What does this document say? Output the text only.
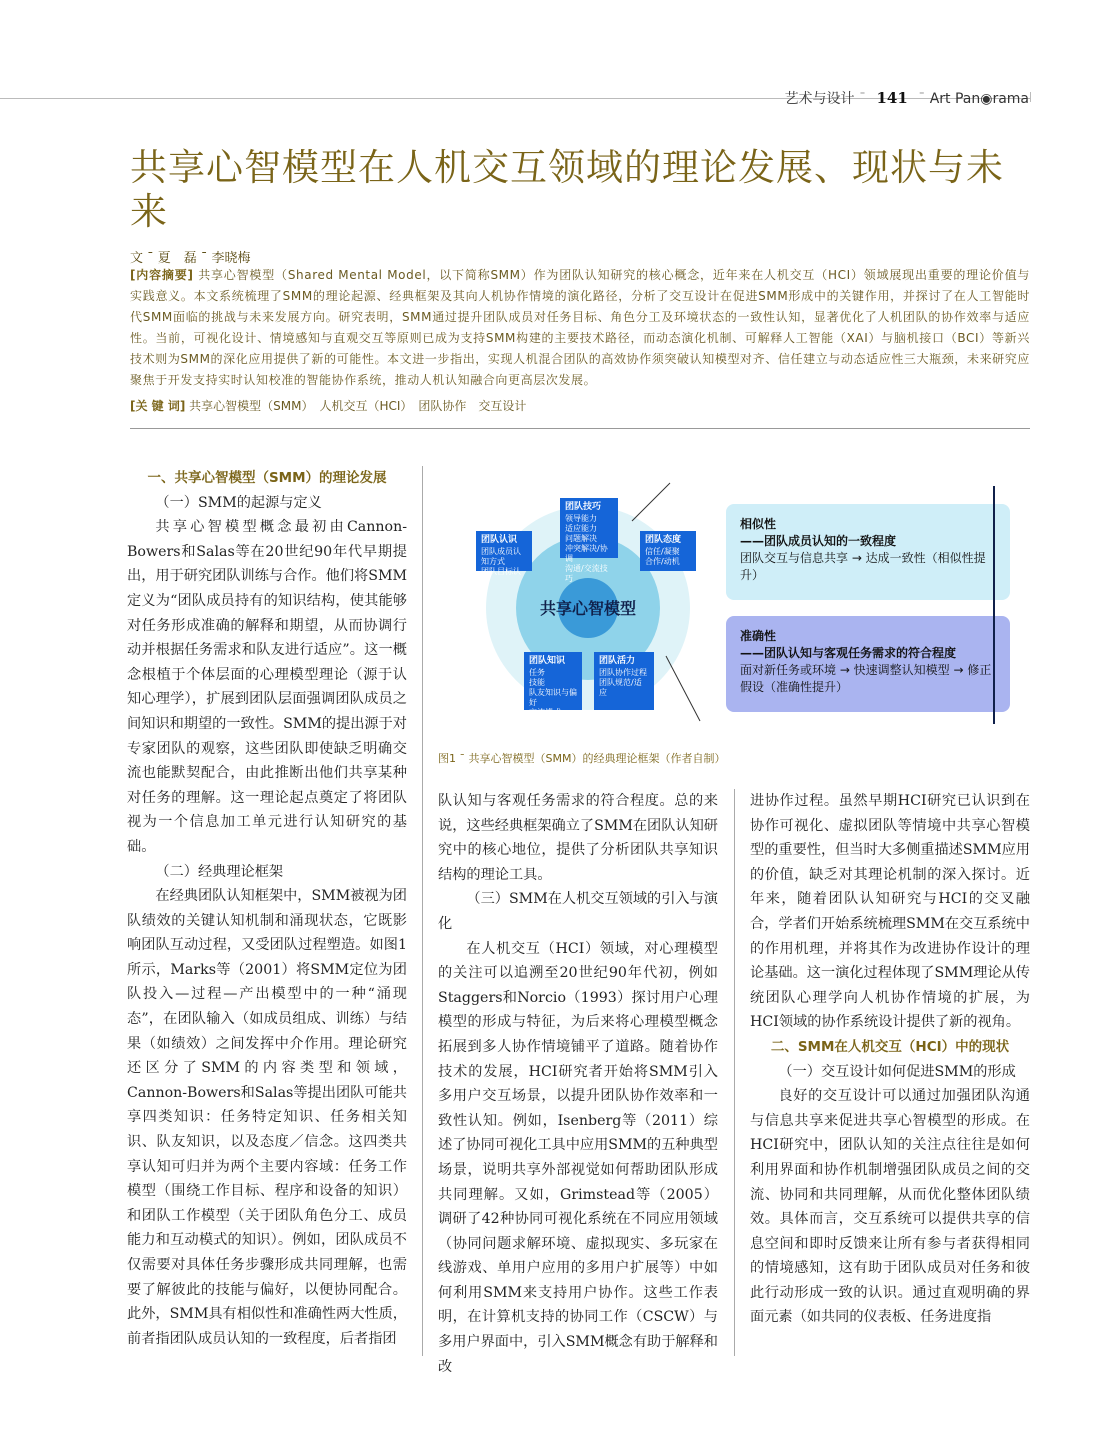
艺术与设计 ¯ 141 ¯ Art Pan◉rama
共享心智模型在人机交互领域的理论发展、现状与未来
文 ¯ 夏　磊 ¯ 李晓梅
[内容摘要] 共享心智模型（Shared Mental Model，以下简称SMM）作为团队认知研究的核心概念，近年来在人机交互（HCI）领域展现出重要的理论价值与实践意义。本文系统梳理了SMM的理论起源、经典框架及其向人机协作情境的演化路径，分析了交互设计在促进SMM形成中的关键作用，并探讨了在人工智能时代SMM面临的挑战与未来发展方向。研究表明，SMM通过提升团队成员对任务目标、角色分工及环境状态的一致性认知，显著优化了人机团队的协作效率与适应性。当前，可视化设计、情境感知与直观交互等原则已成为支持SMM构建的主要技术路径，而动态演化机制、可解释人工智能（XAI）与脑机接口（BCI）等新兴技术则为SMM的深化应用提供了新的可能性。本文进一步指出，实现人机混合团队的高效协作须突破认知模型对齐、信任建立与动态适应性三大瓶颈，未来研究应聚焦于开发支持实时认知校准的智能协作系统，推动人机认知融合向更高层次发展。
[关 键 词] 共享心智模型（SMM）　人机交互（HCI）　团队协作　交互设计

一、共享心智模型（SMM）的理论发展

（一）SMM的起源与定义

共享心智模型概念最初由Cannon-Bowers和Salas等在20世纪90年代早期提出，用于研究团队训练与合作。他们将SMM定义为“团队成员持有的知识结构，使其能够对任务形成准确的解释和期望，从而协调行动并根据任务需求和队友进行适应”。这一概念根植于个体层面的心理模型理论（源于认知心理学），扩展到团队层面强调团队成员之间知识和期望的一致性。SMM的提出源于对专家团队的观察，这些团队即使缺乏明确交流也能默契配合，由此推断出他们共享某种对任务的理解。这一理论起点奠定了将团队视为一个信息加工单元进行认知研究的基础。

（二）经典理论框架

在经典团队认知框架中，SMM被视为团队绩效的关键认知机制和涌现状态，它既影响团队互动过程，又受团队过程塑造。如图1所示，Marks等（2001）将SMM定位为团队投入—过程—产出模型中的一种“涌现态”，在团队输入（如成员组成、训练）与结果（如绩效）之间发挥中介作用。理论研究还区分了SMM的内容类型和领域，Cannon-Bowers和Salas等提出团队可能共享四类知识：任务特定知识、任务相关知识、队友知识，以及态度／信念。这四类共享认知可归并为两个主要内容域：任务工作模型（围绕工作目标、程序和设备的知识）和团队工作模型（关于团队角色分工、成员能力和互动模式的知识）。例如，团队成员不仅需要对具体任务步骤形成共同理解，也需要了解彼此的技能与偏好，以便协同配合。此外，SMM具有相似性和准确性两大性质，前者指团队成员认知的一致程度，后者指团

队认知与客观任务需求的符合程度。总的来说，这些经典框架确立了SMM在团队认知研究中的核心地位，提供了分析团队共享知识结构的理论工具。

（三）SMM在人机交互领域的引入与演化

在人机交互（HCI）领域，对心理模型的关注可以追溯至20世纪90年代初，例如Staggers和Norcio（1993）探讨用户心理模型的形成与特征，为后来将心理模型概念拓展到多人协作情境铺平了道路。随着协作技术的发展，HCI研究者开始将SMM引入多用户交互场景，以提升团队协作效率和一致性认知。例如，Isenberg等（2011）综述了协同可视化工具中应用SMM的五种典型场景，说明共享外部视觉如何帮助团队形成共同理解。又如，Grimstead等（2005）调研了42种协同可视化系统在不同应用领域（协同问题求解环境、虚拟现实、多玩家在线游戏、单用户应用的多用户扩展等）中如何利用SMM来支持用户协作。这些工作表明，在计算机支持的协同工作（CSCW）与多用户界面中，引入SMM概念有助于解释和改

进协作过程。虽然早期HCI研究已认识到在协作可视化、虚拟团队等情境中共享心智模型的重要性，但当时大多侧重描述SMM应用的价值，缺乏对其理论机制的深入探讨。近年来，随着团队认知研究与HCI的交叉融合，学者们开始系统梳理SMM在交互系统中的作用机理，并将其作为改进协作设计的理论基础。这一演化过程体现了SMM理论从传统团队心理学向人机协作情境的扩展，为HCI领域的协作系统设计提供了新的视角。

二、SMM在人机交互（HCI）中的现状

（一）交互设计如何促进SMM的形成

良好的交互设计可以通过加强团队沟通与信息共享来促进共享心智模型的形成。在HCI研究中，团队认知的关注点往往是如何利用界面和协作机制增强团队成员之间的交流、协同和共同理解，从而优化整体团队绩效。具体而言，交互系统可以提供共享的信息空间和即时反馈来让所有参与者获得相同的情境感知，这有助于团队成员对任务和彼此行动形成一致的认识。通过直观明确的界面元素（如共同的仪表板、任务进度指

共享心智模型
团队技巧
领导能力
适应能力
问题解决
冲突解决/协调
沟通/交流技巧
团队认识
团队成员认知方式
团队目标认知
团队态度
信任/凝聚
合作/动机
团队知识
任务
技能
队友知识与偏好
交流模式
团队活力
团队协作过程
团队规范/适应
相似性
——团队成员认知的一致程度
团队交互与信息共享 → 达成一致性（相似性提升）
准确性
——团队认知与客观任务需求的符合程度
面对新任务或环境 → 快速调整认知模型 → 修正假设（准确性提升）
图1 ¯ 共享心智模型（SMM）的经典理论框架（作者自制）
